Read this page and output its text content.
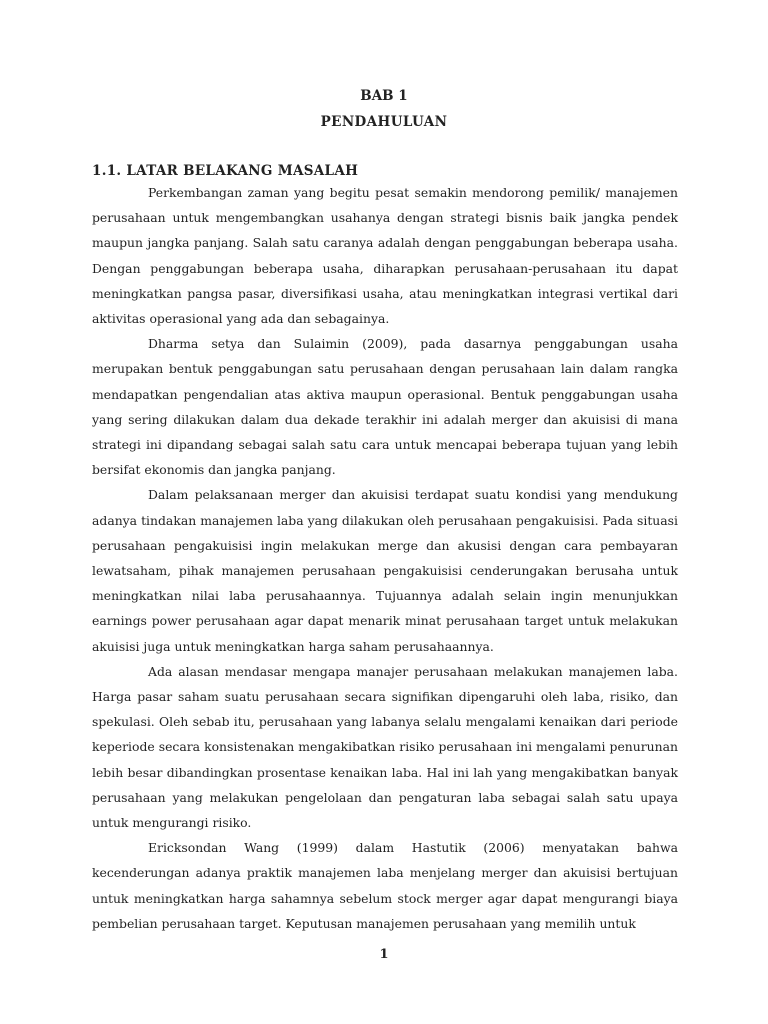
BAB 1
PENDAHULUAN
1.1. LATAR BELAKANG MASALAH

Perkembangan zaman yang begitu pesat semakin mendorong pemilik/ manajemen perusahaan untuk mengembangkan usahanya dengan strategi bisnis baik jangka pendek maupun jangka panjang. Salah satu caranya adalah dengan penggabungan beberapa usaha. Dengan penggabungan beberapa usaha, diharapkan perusahaan-perusahaan itu dapat meningkatkan pangsa pasar, diversifikasi usaha, atau meningkatkan integrasi vertikal dari aktivitas operasional yang ada dan sebagainya.

Dharma setya dan Sulaimin (2009), pada dasarnya penggabungan usaha merupakan bentuk penggabungan satu perusahaan dengan perusahaan lain dalam rangka mendapatkan pengendalian atas aktiva maupun operasional. Bentuk penggabungan usaha yang sering dilakukan dalam dua dekade terakhir ini adalah merger dan akuisisi di mana strategi ini dipandang sebagai salah satu cara untuk mencapai beberapa tujuan yang lebih bersifat ekonomis dan jangka panjang.

Dalam pelaksanaan merger dan akuisisi terdapat suatu kondisi yang mendukung adanya tindakan manajemen laba yang dilakukan oleh perusahaan pengakuisisi. Pada situasi perusahaan pengakuisisi ingin melakukan merge dan akusisi dengan cara pembayaran lewatsaham, pihak manajemen perusahaan pengakuisisi cenderungakan berusaha untuk meningkatkan nilai laba perusahaannya. Tujuannya adalah selain ingin menunjukkan earnings power perusahaan agar dapat menarik minat perusahaan target untuk melakukan akuisisi juga untuk meningkatkan harga saham perusahaannya.

Ada alasan mendasar mengapa manajer perusahaan melakukan manajemen laba. Harga pasar saham suatu perusahaan secara signifikan dipengaruhi oleh laba, risiko, dan spekulasi. Oleh sebab itu, perusahaan yang labanya selalu mengalami kenaikan dari periode keperiode secara konsistenakan mengakibatkan risiko perusahaan ini mengalami penurunan lebih besar dibandingkan prosentase kenaikan laba. Hal ini lah yang mengakibatkan banyak perusahaan yang melakukan pengelolaan dan pengaturan laba sebagai salah satu upaya untuk mengurangi risiko.

Ericksondan Wang (1999) dalam Hastutik (2006) menyatakan bahwa kecenderungan adanya praktik manajemen laba menjelang merger dan akuisisi bertujuan untuk meningkatkan harga sahamnya sebelum stock merger agar dapat mengurangi biaya pembelian perusahaan target. Keputusan manajemen perusahaan yang memilih untuk

1
